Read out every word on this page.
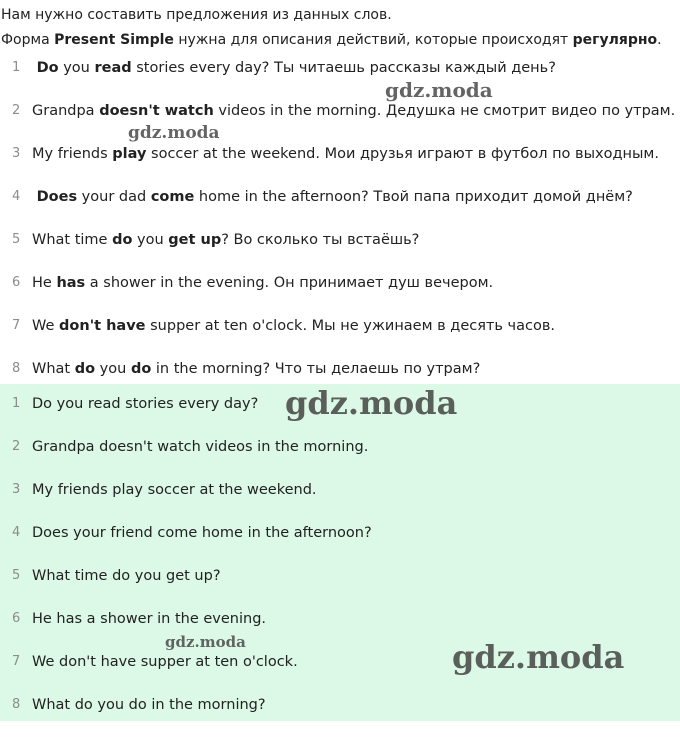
Нам нужно составить предложения из данных слов.
Форма Present Simple нужна для описания действий, которые происходят регулярно.
1	Do you read stories every day? Ты читаешь рассказы каждый день?
2 Grandpa doesn't watch videos in the morning. Дедушка не смотрит видео по утрам.
3 My friends play soccer at the weekend. Мои друзья играют в футбол по выходным.
4	Does your dad come home in the afternoon? Твой папа приходит домой днём?
5 What time do you get up? Во сколько ты встаёшь?
6 He has a shower in the evening. Он принимает душ вечером.
7 We don't have supper at ten o'clock. Мы не ужинаем в десять часов.
8 What do you do in the morning? Что ты делаешь по утрам?
1 Do you read stories every day?
2 Grandpa doesn't watch videos in the morning.
3 My friends play soccer at the weekend.
4 Does your friend come home in the afternoon?
5 What time do you get up?
6 He has a shower in the evening.
7 We don't have supper at ten o'clock.
8 What do you do in the morning?
gdz.moda
gdz.moda
gdz.moda
gdz.moda	gdz.moda
